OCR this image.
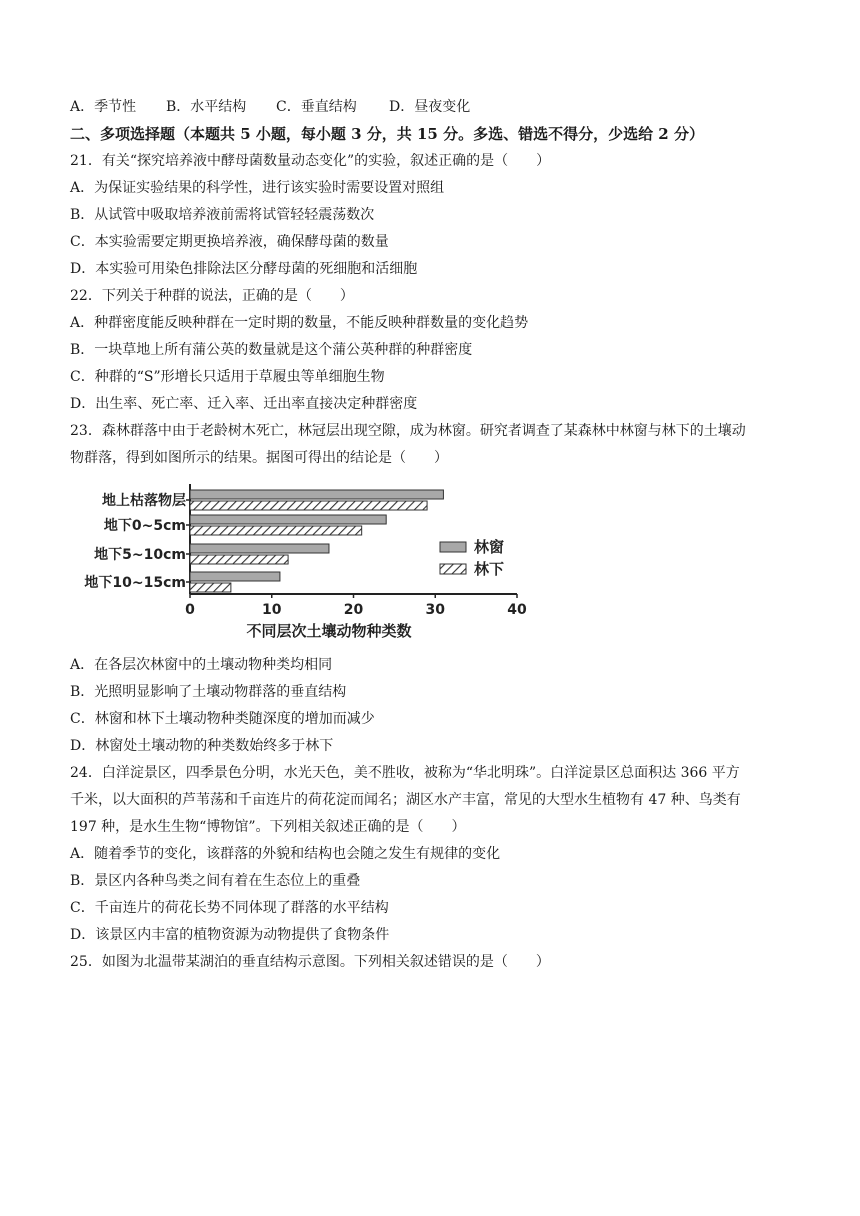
A．季节性 B．水平结构 C．垂直结构 D．昼夜变化
二、多项选择题（本题共 5 小题，每小题 3 分，共 15 分。多选、错选不得分，少选给 2 分）
21．有关“探究培养液中酵母菌数量动态变化”的实验，叙述正确的是（　　）
A．为保证实验结果的科学性，进行该实验时需要设置对照组
B．从试管中吸取培养液前需将试管轻轻震荡数次
C．本实验需要定期更换培养液，确保酵母菌的数量
D．本实验可用染色排除法区分酵母菌的死细胞和活细胞
22．下列关于种群的说法，正确的是（　　）
A．种群密度能反映种群在一定时期的数量，不能反映种群数量的变化趋势
B．一块草地上所有蒲公英的数量就是这个蒲公英种群的种群密度
C．种群的“S”形增长只适用于草履虫等单细胞生物
D．出生率、死亡率、迁入率、迁出率直接决定种群密度
23．森林群落中由于老龄树木死亡，林冠层出现空隙，成为林窗。研究者调查了某森林中林窗与林下的土壤动
物群落，得到如图所示的结果。据图可得出的结论是（　　）
地上枯落物层
地下0~5cm
地下5~10cm
地下10~15cm
0	10	20	30	40
不同层次土壤动物种类数
林窗
林下
A．在各层次林窗中的土壤动物种类均相同
B．光照明显影响了土壤动物群落的垂直结构
C．林窗和林下土壤动物种类随深度的增加而减少
D．林窗处土壤动物的种类数始终多于林下
24．白洋淀景区，四季景色分明，水光天色，美不胜收，被称为“华北明珠”。白洋淀景区总面积达 366 平方
千米，以大面积的芦苇荡和千亩连片的荷花淀而闻名；湖区水产丰富，常见的大型水生植物有 47 种、鸟类有
197 种，是水生生物“博物馆”。下列相关叙述正确的是（　　）
A．随着季节的变化，该群落的外貌和结构也会随之发生有规律的变化
B．景区内各种鸟类之间有着在生态位上的重叠
C．千亩连片的荷花长势不同体现了群落的水平结构
D．该景区内丰富的植物资源为动物提供了食物条件
25．如图为北温带某湖泊的垂直结构示意图。下列相关叙述错误的是（　　）
